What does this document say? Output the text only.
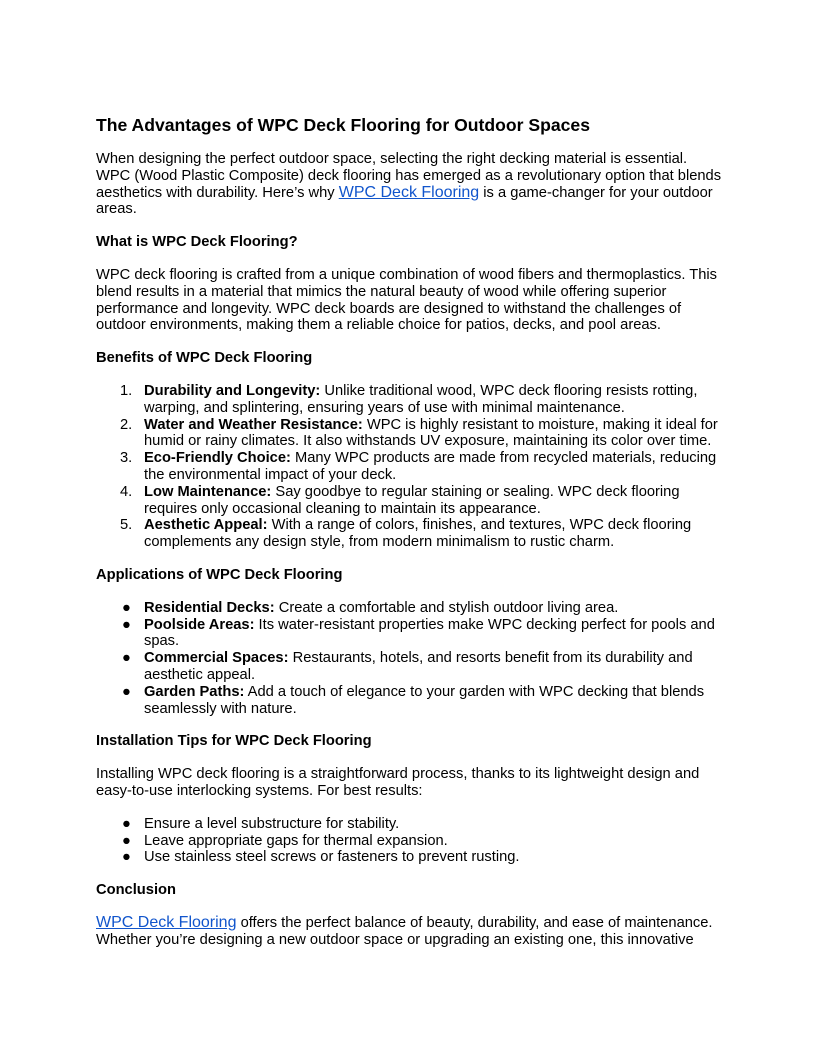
The Advantages of WPC Deck Flooring for Outdoor Spaces

When designing the perfect outdoor space, selecting the right decking material is essential. WPC (Wood Plastic Composite) deck flooring has emerged as a revolutionary option that blends aesthetics with durability. Here’s why WPC Deck Flooring is a game-changer for your outdoor areas.

What is WPC Deck Flooring?

WPC deck flooring is crafted from a unique combination of wood fibers and thermoplastics. This blend results in a material that mimics the natural beauty of wood while offering superior performance and longevity. WPC deck boards are designed to withstand the challenges of outdoor environments, making them a reliable choice for patios, decks, and pool areas.

Benefits of WPC Deck Flooring
1. Durability and Longevity: Unlike traditional wood, WPC deck flooring resists rotting, warping, and splintering, ensuring years of use with minimal maintenance.
2. Water and Weather Resistance: WPC is highly resistant to moisture, making it ideal for humid or rainy climates. It also withstands UV exposure, maintaining its color over time.
3. Eco-Friendly Choice: Many WPC products are made from recycled materials, reducing the environmental impact of your deck.
4. Low Maintenance: Say goodbye to regular staining or sealing. WPC deck flooring requires only occasional cleaning to maintain its appearance.
5. Aesthetic Appeal: With a range of colors, finishes, and textures, WPC deck flooring complements any design style, from modern minimalism to rustic charm.
Applications of WPC Deck Flooring
● Residential Decks: Create a comfortable and stylish outdoor living area.
● Poolside Areas: Its water-resistant properties make WPC decking perfect for pools and spas.
● Commercial Spaces: Restaurants, hotels, and resorts benefit from its durability and aesthetic appeal.
● Garden Paths: Add a touch of elegance to your garden with WPC decking that blends seamlessly with nature.
Installation Tips for WPC Deck Flooring

Installing WPC deck flooring is a straightforward process, thanks to its lightweight design and easy-to-use interlocking systems. For best results:

● Ensure a level substructure for stability.
● Leave appropriate gaps for thermal expansion.
● Use stainless steel screws or fasteners to prevent rusting.
Conclusion

WPC Deck Flooring offers the perfect balance of beauty, durability, and ease of maintenance. Whether you’re designing a new outdoor space or upgrading an existing one, this innovative
